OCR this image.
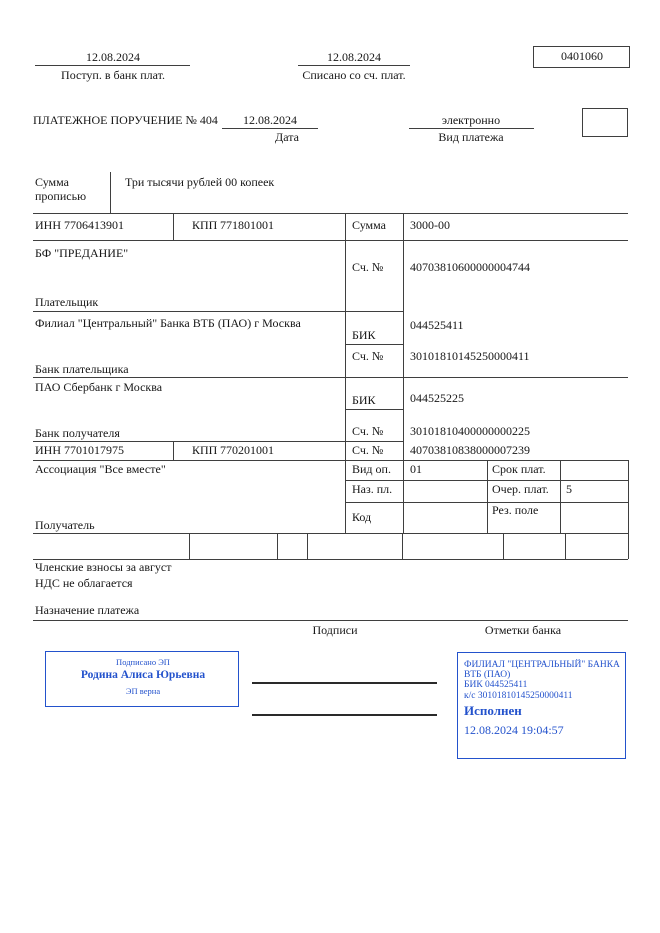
12.08.2024
Поступ. в банк плат.
12.08.2024
Списано со сч. плат.
0401060
ПЛАТЕЖНОЕ ПОРУЧЕНИЕ № 404 12.08.2024
Дата
электронно
Вид платежа
Сумма
прописью
Три тысячи рублей 00 копеек
ИНН 7706413901	КПП 771801001	Сумма 3000-00
БФ "ПРЕДАНИЕ"
Сч. № 40703810600000004744
Плательщик
Филиал "Центральный" Банка ВТБ (ПАО) г Москва
БИК
044525411
Сч. № 30101810145250000411
Банк плательщика
ПАО Сбербанк г Москва
БИК	044525225
Сч. № 30101810400000000225
Банк получателя
ИНН 7701017975	КПП 770201001	Сч. № 40703810838000007239
Ассоциация "Все вместе"
Получатель
Вид оп. 01	Срок плат.
Наз. пл.	Очер. плат. 5
Код	Рез. поле
Членские взносы за август
НДС не облагается
Назначение платежа
Подписи	Отметки банка
Подписано ЭП
Родина Алиса Юрьевна
ЭП верна
ФИЛИАЛ "ЦЕНТРАЛЬНЫЙ" БАНКА
ВТБ (ПАО)
БИК 044525411
к/с 30101810145250000411
Исполнен
12.08.2024 19:04:57
